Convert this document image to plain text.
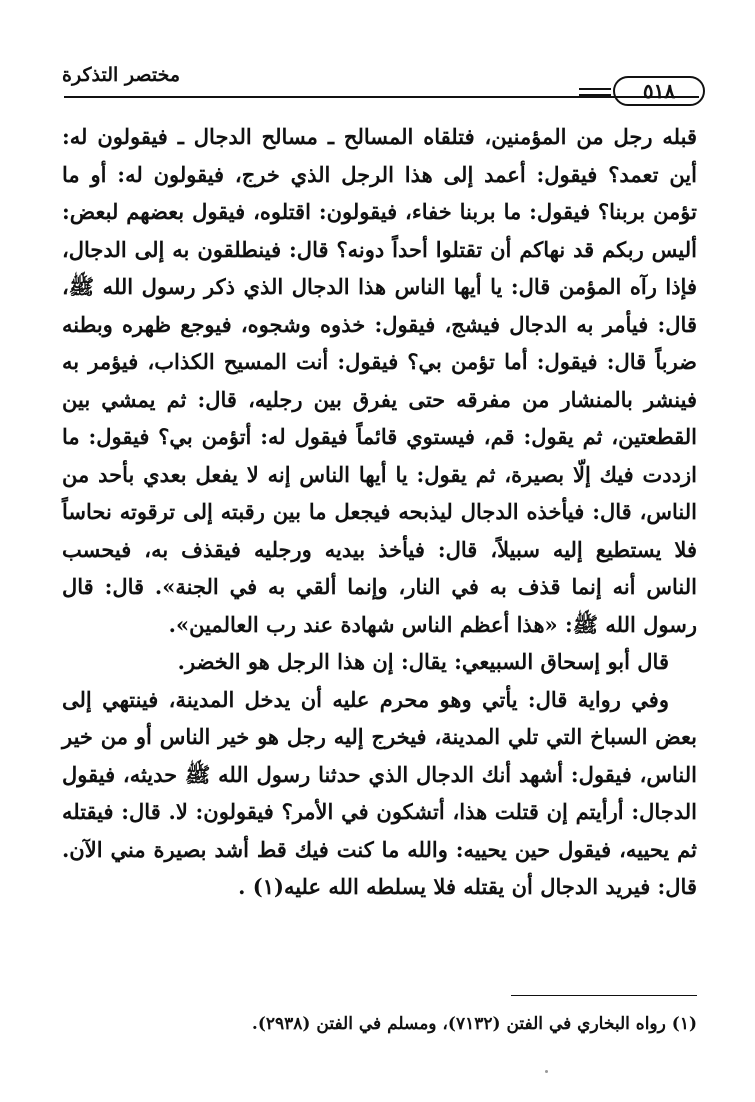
مختصر التذكرة
٥١٨

قبله رجل من المؤمنين، فتلقاه المسالح ـ مسالح الدجال ـ فيقولون له: أين تعمد؟ فيقول: أعمد إلى هذا الرجل الذي خرج، فيقولون له: أو ما تؤمن بربنا؟ فيقول: ما بربنا خفاء، فيقولون: اقتلوه، فيقول بعضهم لبعض: أليس ربكم قد نهاكم أن تقتلوا أحداً دونه؟ قال: فينطلقون به إلى الدجال، فإذا رآه المؤمن قال: يا أيها الناس هذا الدجال الذي ذكر رسول الله ﷺ، قال: فيأمر به الدجال فيشج، فيقول: خذوه وشجوه، فيوجع ظهره وبطنه ضرباً قال: فيقول: أما تؤمن بي؟ فيقول: أنت المسيح الكذاب، فيؤمر به فينشر بالمنشار من مفرقه حتى يفرق بين رجليه، قال: ثم يمشي بين القطعتين، ثم يقول: قم، فيستوي قائماً فيقول له: أتؤمن بي؟ فيقول: ما ازددت فيك إلّا بصيرة، ثم يقول: يا أيها الناس إنه لا يفعل بعدي بأحد من الناس، قال: فيأخذه الدجال ليذبحه فيجعل ما بين رقبته إلى ترقوته نحاساً فلا يستطيع إليه سبيلاً، قال: فيأخذ بيديه ورجليه فيقذف به، فيحسب الناس أنه إنما قذف به في النار، وإنما ألقي به في الجنة». قال: قال رسول الله ﷺ: «هذا أعظم الناس شهادة عند رب العالمين».

قال أبو إسحاق السبيعي: يقال: إن هذا الرجل هو الخضر.

وفي رواية قال: يأتي وهو محرم عليه أن يدخل المدينة، فينتهي إلى بعض السباخ التي تلي المدينة، فيخرج إليه رجل هو خير الناس أو من خير الناس، فيقول: أشهد أنك الدجال الذي حدثنا رسول الله ﷺ حديثه، فيقول الدجال: أرأيتم إن قتلت هذا، أتشكون في الأمر؟ فيقولون: لا. قال: فيقتله ثم يحييه، فيقول حين يحييه: والله ما كنت فيك قط أشد بصيرة مني الآن. قال: فيريد الدجال أن يقتله فلا يسلطه الله عليه(١) .

(١) رواه البخاري في الفتن (٧١٣٢)، ومسلم في الفتن (٢٩٣٨).
